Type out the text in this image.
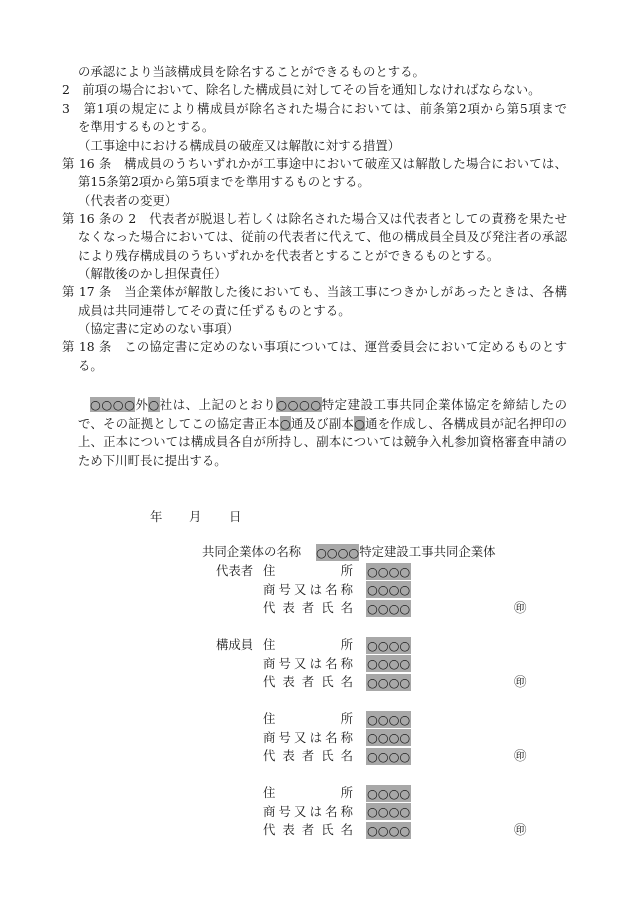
の承認により当該構成員を除名することができるものとする。
2　前項の場合において、除名した構成員に対してその旨を通知しなければならない。
3　第1項の規定により構成員が除名された場合においては、前条第2項から第5項まで
を準用するものとする。
（工事途中における構成員の破産又は解散に対する措置）
第 16 条　構成員のうちいずれかが工事途中において破産又は解散した場合においては、
第15条第2項から第5項までを準用するものとする。
（代表者の変更）
第 16 条の 2　代表者が脱退し若しくは除名された場合又は代表者としての責務を果たせ
なくなった場合においては、従前の代表者に代えて、他の構成員全員及び発注者の承認
により残存構成員のうちいずれかを代表者とすることができるものとする。
（解散後のかし担保責任）
第 17 条　当企業体が解散した後においても、当該工事につきかしがあったときは、各構
成員は共同連帯してその責に任ずるものとする。
（協定書に定めのない事項）
第 18 条　この協定書に定めのない事項については、運営委員会において定めるものとす
る。
○○○○外○社は、上記のとおり○○○○特定建設工事共同企業体協定を締結したの
で、その証拠としてこの協定書正本○通及び副本○通を作成し、各構成員が記名押印の
上、正本については構成員各自が所持し、副本については競争入札参加資格審査申請の
ため下川町長に提出する。
年 月 日
共同企業体の名称 ○○○○特定建設工事共同企業体
代表者 住所 ○○○○
商号又は名称 ○○○○
代表者氏名 ○○○○	㊞
構成員 住所 ○○○○
商号又は名称 ○○○○
代表者氏名 ○○○○	㊞
住所 ○○○○
商号又は名称 ○○○○
代表者氏名 ○○○○	㊞
住所 ○○○○
商号又は名称 ○○○○
代表者氏名 ○○○○	㊞
